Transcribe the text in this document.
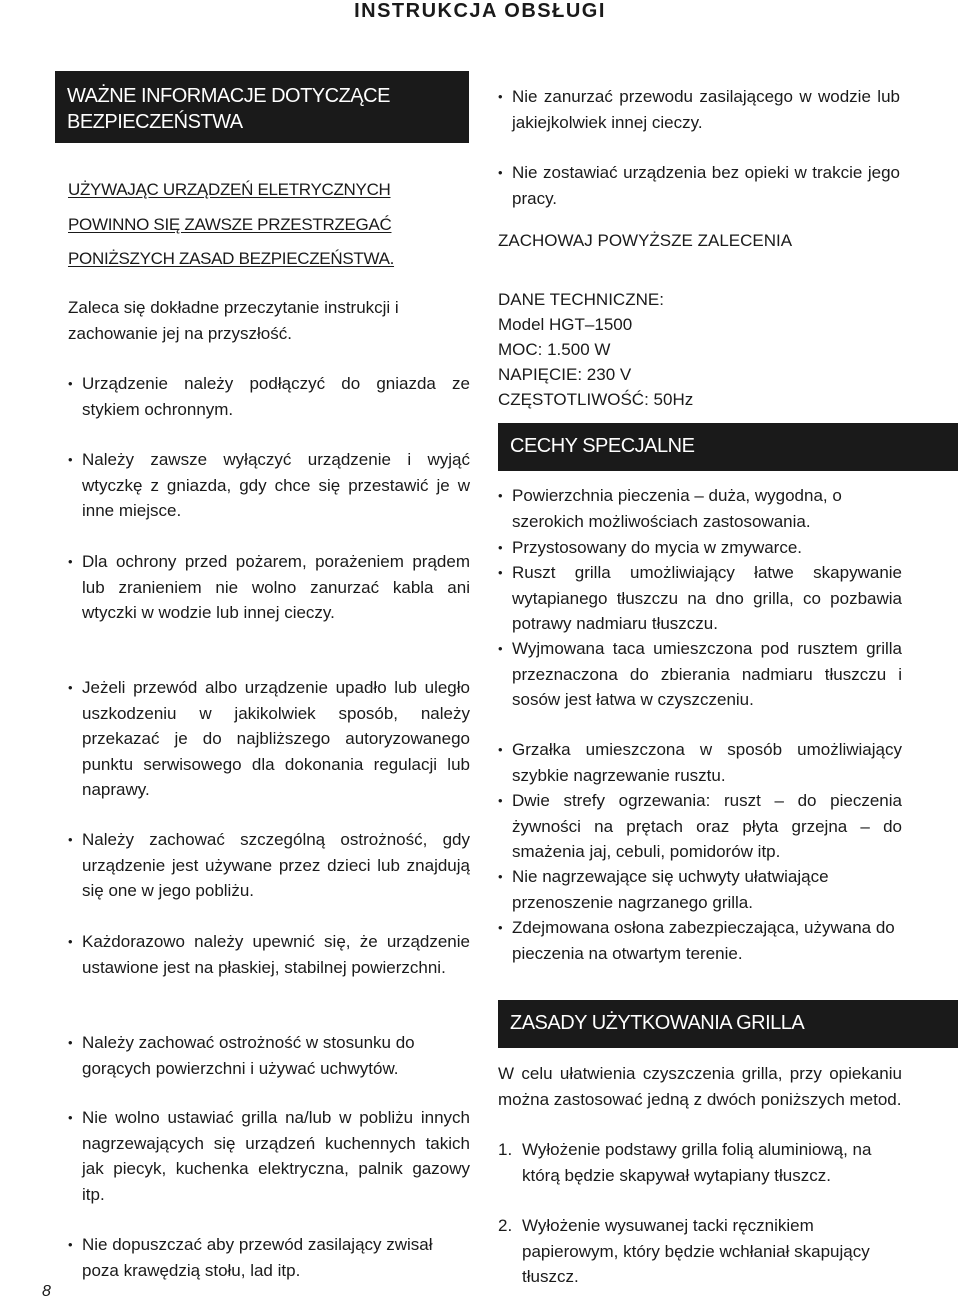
INSTRUKCJA OBSŁUGI
WAŻNE INFORMACJE DOTYCZĄCE BEZPIECZEŃSTWA

UŻYWAJĄC URZĄDZEŃ ELETRYCZNYCH POWINNO SIĘ ZAWSZE PRZESTRZEGAĆ PONIŻSZYCH ZASAD BEZPIECZEŃSTWA.

Zaleca się dokładne przeczytanie instrukcji i zachowanie jej na przyszłość.

• Urządzenie należy podłączyć do gniazda ze stykiem ochronnym.

• Należy zawsze wyłączyć urządzenie i wyjąć wtyczkę z gniazda, gdy chce się przestawić je w inne miejsce.

• Dla ochrony przed pożarem, porażeniem prądem lub zranieniem nie wolno zanurzać kabla ani wtyczki w wodzie lub innej cieczy.

• Jeżeli przewód albo urządzenie upadło lub uległo uszkodzeniu w jakikolwiek sposób, należy przekazać je do najbliższego autoryzowanego punktu serwisowego dla dokonania regulacji lub naprawy.

• Należy zachować szczególną ostrożność, gdy urządzenie jest używane przez dzieci lub znajdują się one w jego pobliżu.

• Każdorazowo należy upewnić się, że urządzenie ustawione jest na płaskiej, stabilnej powierzchni.

• Należy zachować ostrożność w stosunku do gorących powierzchni i używać uchwytów.

• Nie wolno ustawiać grilla na/lub w pobliżu innych nagrzewających się urządzeń kuchennych takich jak piecyk, kuchenka elektryczna, palnik gazowy itp.

• Nie dopuszczać aby przewód zasilający zwisał poza krawędzią stołu, lad itp.

• Nie zanurzać przewodu zasilającego w wodzie lub jakiejkolwiek innej cieczy.

• Nie zostawiać urządzenia bez opieki w trakcie jego pracy.

ZACHOWAJ POWYŻSZE ZALECENIA

DANE TECHNICZNE:

Model HGT–1500

MOC: 1.500 W

NAPIĘCIE: 230 V

CZĘSTOTLIWOŚĆ: 50Hz

CECHY SPECJALNE

• Powierzchnia pieczenia – duża, wygodna, o szerokich możliwościach zastosowania.

• Przystosowany do mycia w zmywarce.

• Ruszt grilla umożliwiający łatwe skapywanie wytapianego tłuszczu na dno grilla, co pozbawia potrawy nadmiaru tłuszczu.

• Wyjmowana taca umieszczona pod rusztem grilla przeznaczona do zbierania nadmiaru tłuszczu i sosów jest łatwa w czyszczeniu.

• Grzałka umieszczona w sposób umożliwiający szybkie nagrzewanie rusztu.

• Dwie strefy ogrzewania: ruszt – do pieczenia żywności na prętach oraz płyta grzejna – do smażenia jaj, cebuli, pomidorów itp.

• Nie nagrzewające się uchwyty ułatwiające przenoszenie nagrzanego grilla.

• Zdejmowana osłona zabezpieczająca, używana do pieczenia na otwartym terenie.

ZASADY UŻYTKOWANIA GRILLA

W celu ułatwienia czyszczenia grilla, przy opiekaniu można zastosować jedną z dwóch poniższych metod.

1. Wyłożenie podstawy grilla folią aluminiową, na którą będzie skapywał wytapiany tłuszcz.

2. Wyłożenie wysuwanej tacki ręcznikiem papierowym, który będzie wchłaniał skapujący tłuszcz.

8
